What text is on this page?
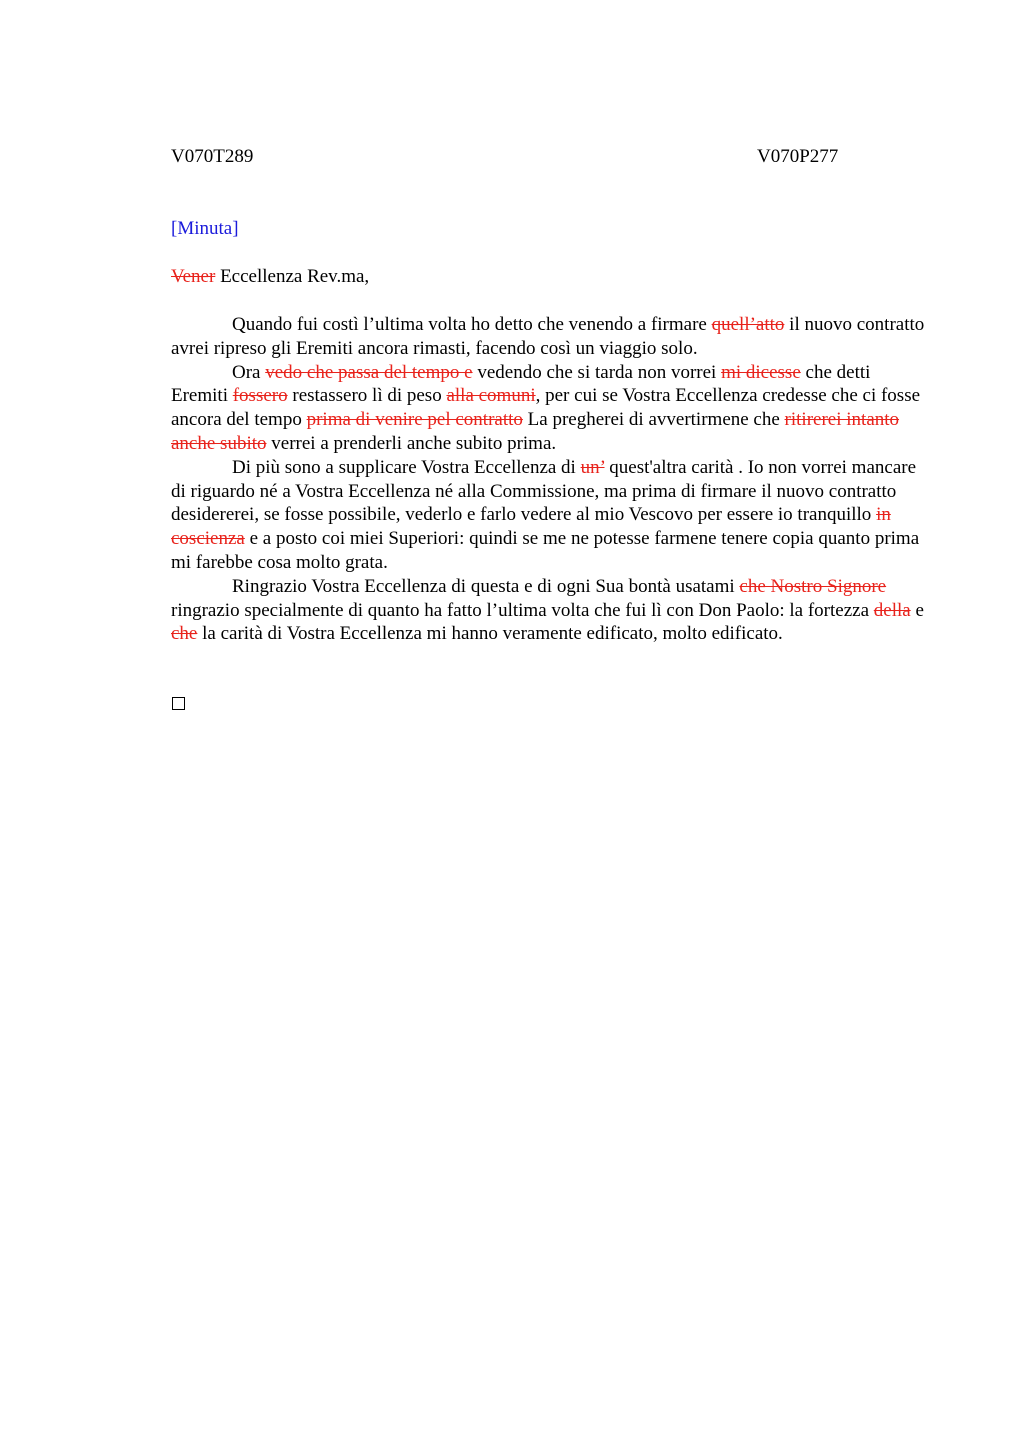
V070T289	V070P277
[Minuta]
Vener Eccellenza Rev.ma,

Quando fui costì l’ultima volta ho detto che venendo a firmare quell’atto il nuovo contratto avrei ripreso gli Eremiti ancora rimasti, facendo così un viaggio solo.

Ora vedo che passa del tempo e vedendo che si tarda non vorrei mi dicesse che detti Eremiti fossero restassero lì di peso alla comuni, per cui se Vostra Eccellenza credesse che ci fosse ancora del tempo prima di venire pel contratto La pregherei di avvertirmene che ritirerei intanto anche subito verrei a prenderli anche subito prima.

Di più sono a supplicare Vostra Eccellenza di un’ quest'altra carità . Io non vorrei mancare di riguardo né a Vostra Eccellenza né alla Commissione, ma prima di firmare il nuovo contratto desidererei, se fosse possibile, vederlo e farlo vedere al mio Vescovo per essere io tranquillo in coscienza e a posto coi miei Superiori: quindi se me ne potesse farmene tenere copia quanto prima mi farebbe cosa molto grata.

Ringrazio Vostra Eccellenza di questa e di ogni Sua bontà usatami che Nostro Signore ringrazio specialmente di quanto ha fatto l’ultima volta che fui lì con Don Paolo: la fortezza della e che la carità di Vostra Eccellenza mi hanno veramente edificato, molto edificato.
